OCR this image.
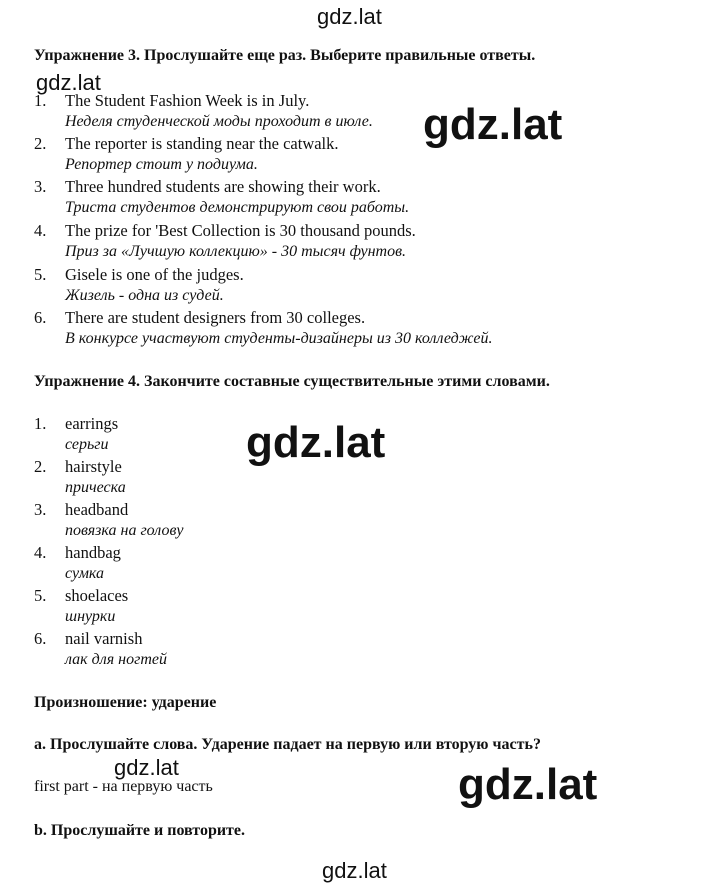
Упражнение 3. Прослушайте еще раз. Выберите правильные ответы.
1. The Student Fashion Week is in July.
Неделя студенческой моды проходит в июле.
2. The reporter is standing near the catwalk.
Репортер стоит у подиума.
3. Three hundred students are showing their work.
Триста студентов демонстрируют свои работы.
4. The prize for 'Best Collection is 30 thousand pounds.
Приз за «Лучшую коллекцию» - 30 тысяч фунтов.
5. Gisele is one of the judges.
Жизель - одна из судей.
6. There are student designers from 30 colleges.
В конкурсе участвуют студенты-дизайнеры из 30 колледжей.
Упражнение 4. Закончите составные существительные этими словами.
1. earrings
серьги
2. hairstyle
прическа
3. headband
повязка на голову
4. handbag
сумка
5. shoelaces
шнурки
6. nail varnish
лак для ногтей
Произношение: ударение
a. Прослушайте слова. Ударение падает на первую или вторую часть?
first part - на первую часть
b. Прослушайте и повторите.
gdz.lat
gdz.lat
gdz.lat
gdz.lat
gdz.lat	gdz.lat
gdz.lat
